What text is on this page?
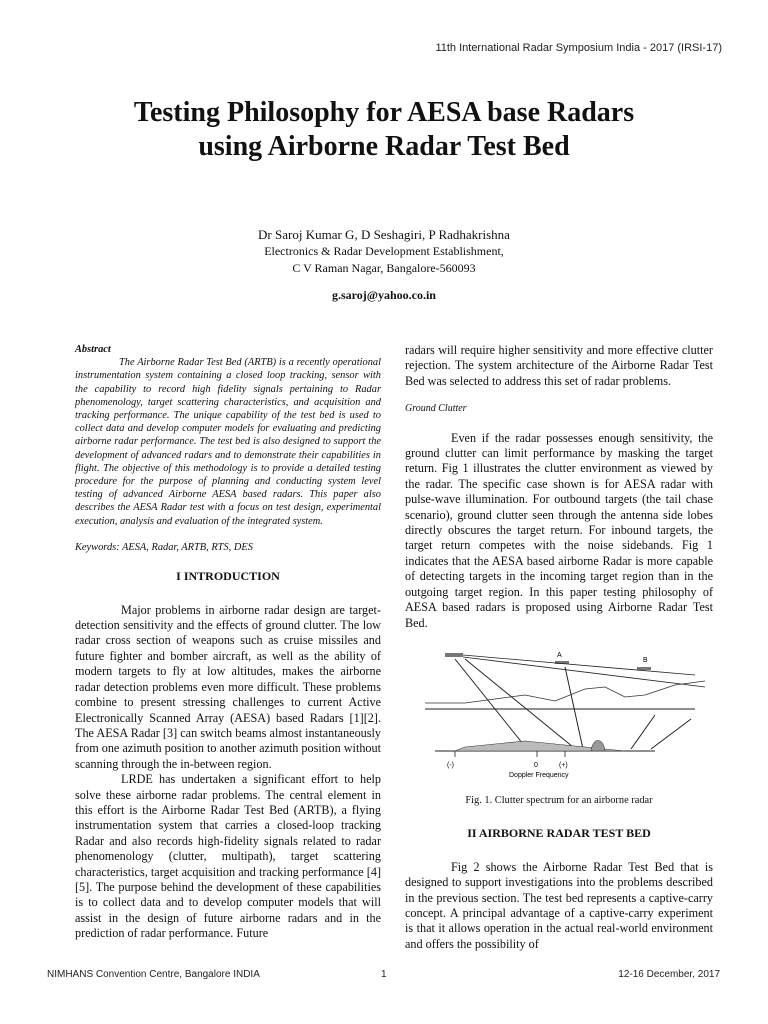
11th International Radar Symposium India - 2017 (IRSI-17)
Testing Philosophy for AESA base Radars
using Airborne Radar Test Bed
Dr Saroj Kumar G, D Seshagiri, P Radhakrishna
Electronics & Radar Development Establishment,
C V Raman Nagar, Bangalore-560093
g.saroj@yahoo.co.in
Abstract

The Airborne Radar Test Bed (ARTB) is a recently operational instrumentation system containing a closed loop tracking, sensor with the capability to record high fidelity signals pertaining to Radar phenomenology, target scattering characteristics, and acquisition and tracking performance. The unique capability of the test bed is used to collect data and develop computer models for evaluating and predicting airborne radar performance. The test bed is also designed to support the development of advanced radars and to demonstrate their capabilities in flight. The objective of this methodology is to provide a detailed testing procedure for the purpose of planning and conducting system level testing of advanced Airborne AESA based radars. This paper also describes the AESA Radar test with a focus on test design, experimental execution, analysis and evaluation of the integrated system.

Keywords: AESA, Radar, ARTB, RTS, DES

I INTRODUCTION

Major problems in airborne radar design are target-detection sensitivity and the effects of ground clutter. The low radar cross section of weapons such as cruise missiles and future fighter and bomber aircraft, as well as the ability of modern targets to fly at low altitudes, makes the airborne radar detection problems even more difficult. These problems combine to present stressing challenges to current Active Electronically Scanned Array (AESA) based Radars [1][2]. The AESA Radar [3] can switch beams almost instantaneously from one azimuth position to another azimuth position without scanning through the in-between region.

LRDE has undertaken a significant effort to help solve these airborne radar problems. The central element in this effort is the Airborne Radar Test Bed (ARTB), a flying instrumentation system that carries a closed-loop tracking Radar and also records high-fidelity signals related to radar phenomenology (clutter, multipath), target scattering characteristics, target acquisition and tracking performance [4][5]. The purpose behind the development of these capabilities is to collect data and to develop computer models that will assist in the design of future airborne radars and in the prediction of radar performance. Future

radars will require higher sensitivity and more effective clutter rejection. The system architecture of the Airborne Radar Test Bed was selected to address this set of radar problems.

Ground Clutter

Even if the radar possesses enough sensitivity, the ground clutter can limit performance by masking the target return. Fig 1 illustrates the clutter environment as viewed by the radar. The specific case shown is for AESA radar with pulse-wave illumination. For outbound targets (the tail chase scenario), ground clutter seen through the antenna side lobes directly obscures the target return. For inbound targets, the target return competes with the noise sidebands. Fig 1 indicates that the AESA based airborne Radar is more capable of detecting targets in the incoming target region than in the outgoing target region. In this paper testing philosophy of AESA based radars is proposed using Airborne Radar Test Bed.

A
B
(-)	0	(+)
Doppler Frequency
Fig. 1. Clutter spectrum for an airborne radar
II AIRBORNE RADAR TEST BED

Fig 2 shows the Airborne Radar Test Bed that is designed to support investigations into the problems described in the previous section. The test bed represents a captive-carry concept. A principal advantage of a captive-carry experiment is that it allows operation in the actual real-world environment and offers the possibility of

NIMHANS Convention Centre, Bangalore INDIA	1	12-16 December, 2017
